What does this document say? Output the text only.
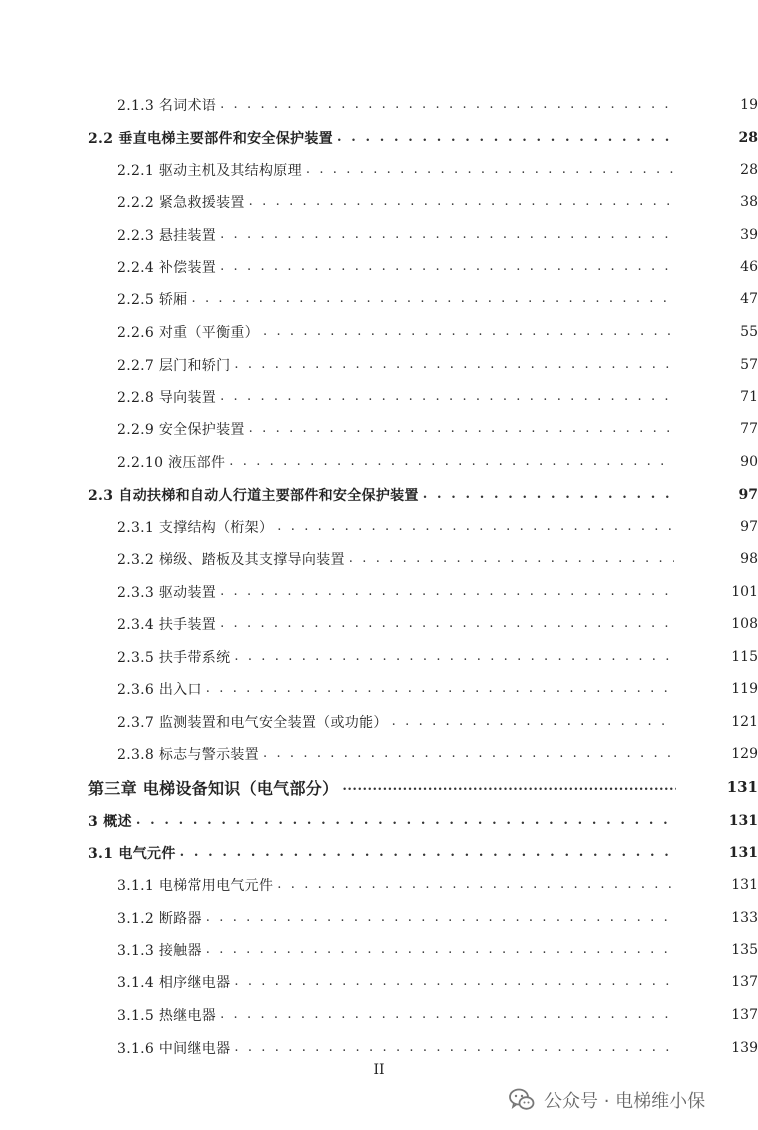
2.1.3 名词术语 . . .	19
2.2 垂直电梯主要部件和安全保护装置 . . .	28
2.2.1 驱动主机及其结构原理 . . .	28
2.2.2 紧急救援装置 . . .	38
2.2.3 悬挂装置 . . .	39
2.2.4 补偿装置 . . .	46
2.2.5 轿厢 . . .	47
2.2.6 对重（平衡重） . . .	55
2.2.7 层门和轿门 . . .	57
2.2.8 导向装置 . . .	71
2.2.9 安全保护装置 . . .	77
2.2.10 液压部件 . . .	90
2.3 自动扶梯和自动人行道主要部件和安全保护装置 . . .	97
2.3.1 支撑结构（桁架） . . .	97
2.3.2 梯级、踏板及其支撑导向装置 . . .	98
2.3.3 驱动装置 . . .	101
2.3.4 扶手装置 . . .	108
2.3.5 扶手带系统 . . .	115
2.3.6 出入口 . . .	119
2.3.7 监测装置和电气安全装置（或功能） . . .	121
2.3.8 标志与警示装置 . . .	129
第三章 电梯设备知识（电气部分） .....	131
3 概述 . . .	131
3.1 电气元件 . . .	131
3.1.1 电梯常用电气元件 . . .	131
3.1.2 断路器 . . .	133
3.1.3 接触器 . . .	135
3.1.4 相序继电器 . . .	137
3.1.5 热继电器 . . .	137
3.1.6 中间继电器 . . .	139
II
公众号 · 电梯维小保
